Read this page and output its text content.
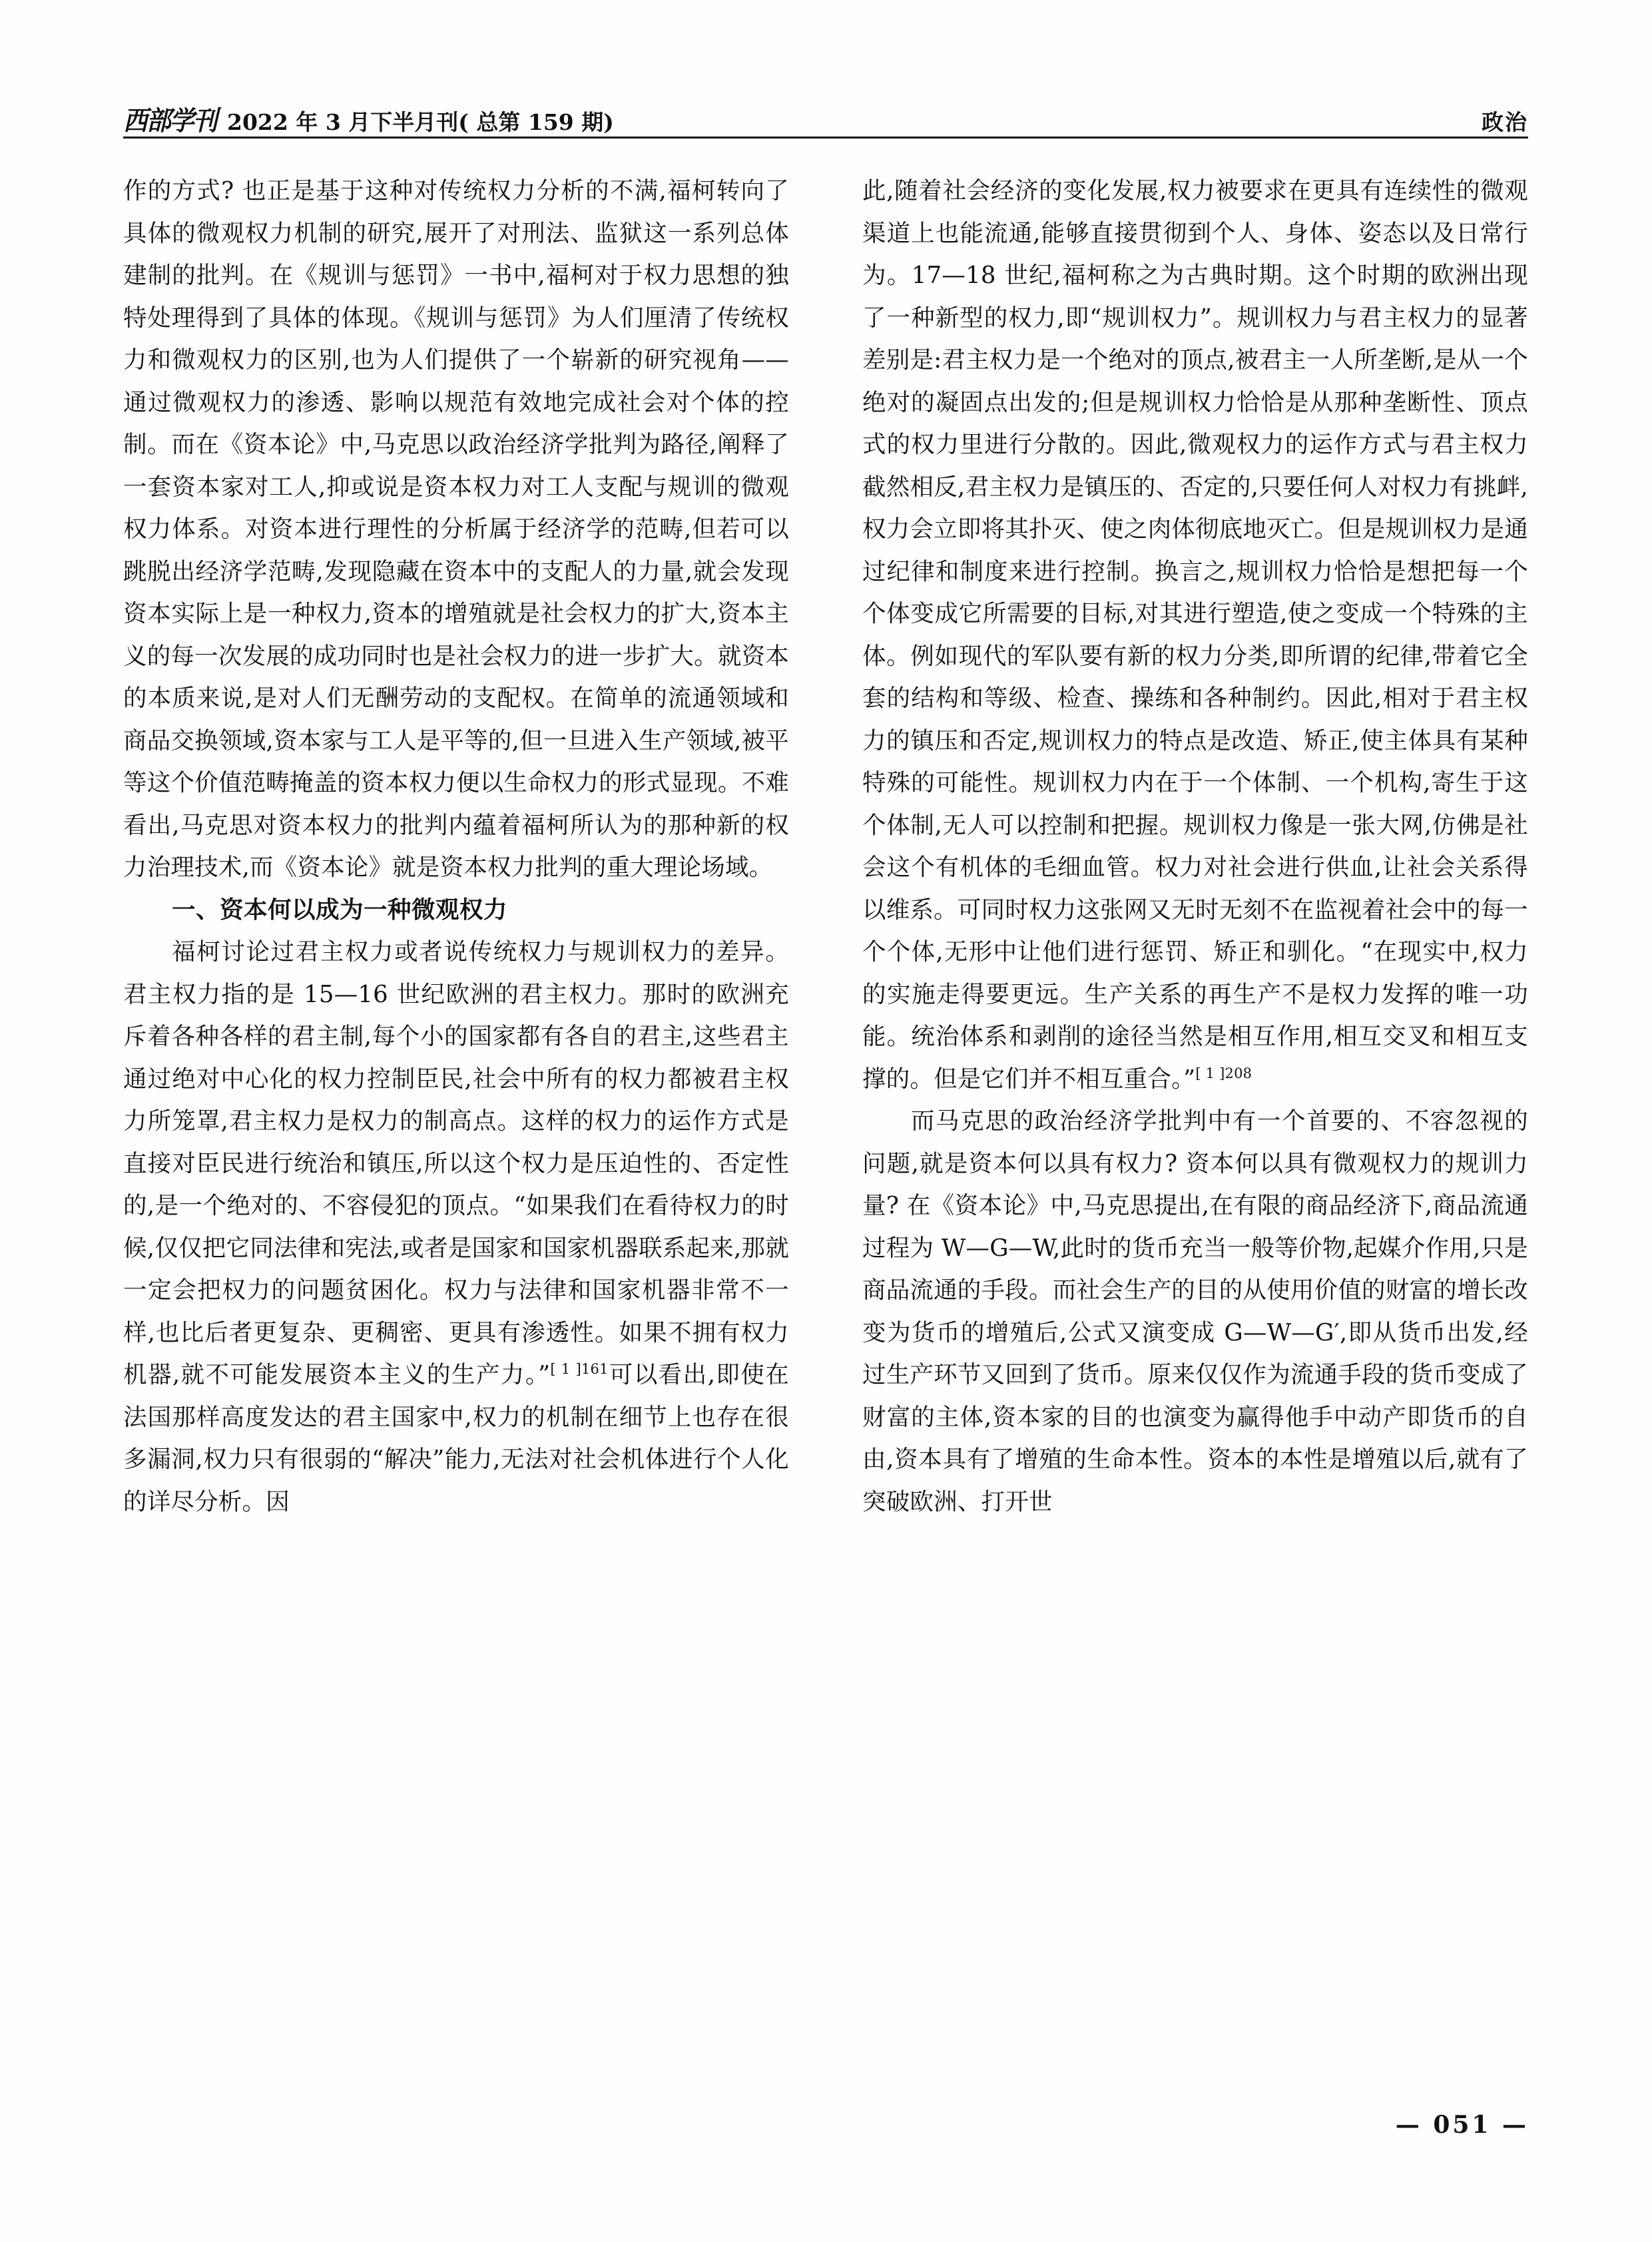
西部学刊 2022 年 3 月下半月刊( 总第 159 期)	政治

作的方式? 也正是基于这种对传统权力分析的不满,福柯转向了具体的微观权力机制的研究,展开了对刑法、监狱这一系列总体建制的批判。在《规训与惩罚》一书中,福柯对于权力思想的独特处理得到了具体的体现。《规训与惩罚》为人们厘清了传统权力和微观权力的区别,也为人们提供了一个崭新的研究视角——通过微观权力的渗透、影响以规范有效地完成社会对个体的控制。而在《资本论》中,马克思以政治经济学批判为路径,阐释了一套资本家对工人,抑或说是资本权力对工人支配与规训的微观权力体系。对资本进行理性的分析属于经济学的范畴,但若可以跳脱出经济学范畴,发现隐藏在资本中的支配人的力量,就会发现资本实际上是一种权力,资本的增殖就是社会权力的扩大,资本主义的每一次发展的成功同时也是社会权力的进一步扩大。就资本的本质来说,是对人们无酬劳动的支配权。在简单的流通领域和商品交换领域,资本家与工人是平等的,但一旦进入生产领域,被平等这个价值范畴掩盖的资本权力便以生命权力的形式显现。不难看出,马克思对资本权力的批判内蕴着福柯所认为的那种新的权力治理技术,而《资本论》就是资本权力批判的重大理论场域。

一、资本何以成为一种微观权力

福柯讨论过君主权力或者说传统权力与规训权力的差异。君主权力指的是 15—16 世纪欧洲的君主权力。那时的欧洲充斥着各种各样的君主制,每个小的国家都有各自的君主,这些君主通过绝对中心化的权力控制臣民,社会中所有的权力都被君主权力所笼罩,君主权力是权力的制高点。这样的权力的运作方式是直接对臣民进行统治和镇压,所以这个权力是压迫性的、否定性的,是一个绝对的、不容侵犯的顶点。“如果我们在看待权力的时候,仅仅把它同法律和宪法,或者是国家和国家机器联系起来,那就一定会把权力的问题贫困化。权力与法律和国家机器非常不一样,也比后者更复杂、更稠密、更具有渗透性。如果不拥有权力机器,就不可能发展资本主义的生产力。”$^{[ 1 ]161}$可以看出,即使在法国那样高度发达的君主国家中,权力的机制在细节上也存在很多漏洞,权力只有很弱的“解决”能力,无法对社会机体进行个人化的详尽分析。因

此,随着社会经济的变化发展,权力被要求在更具有连续性的微观渠道上也能流通,能够直接贯彻到个人、身体、姿态以及日常行为。17—18 世纪,福柯称之为古典时期。这个时期的欧洲出现了一种新型的权力,即“规训权力”。规训权力与君主权力的显著差别是:君主权力是一个绝对的顶点,被君主一人所垄断,是从一个绝对的凝固点出发的;但是规训权力恰恰是从那种垄断性、顶点式的权力里进行分散的。因此,微观权力的运作方式与君主权力截然相反,君主权力是镇压的、否定的,只要任何人对权力有挑衅,权力会立即将其扑灭、使之肉体彻底地灭亡。但是规训权力是通过纪律和制度来进行控制。换言之,规训权力恰恰是想把每一个个体变成它所需要的目标,对其进行塑造,使之变成一个特殊的主体。例如现代的军队要有新的权力分类,即所谓的纪律,带着它全套的结构和等级、检查、操练和各种制约。因此,相对于君主权力的镇压和否定,规训权力的特点是改造、矫正,使主体具有某种特殊的可能性。规训权力内在于一个体制、一个机构,寄生于这个体制,无人可以控制和把握。规训权力像是一张大网,仿佛是社会这个有机体的毛细血管。权力对社会进行供血,让社会关系得以维系。可同时权力这张网又无时无刻不在监视着社会中的每一个个体,无形中让他们进行惩罚、矫正和驯化。“在现实中,权力的实施走得要更远。生产关系的再生产不是权力发挥的唯一功能。统治体系和剥削的途径当然是相互作用,相互交叉和相互支撑的。但是它们并不相互重合。”$^{[ 1 ]208}$

而马克思的政治经济学批判中有一个首要的、不容忽视的问题,就是资本何以具有权力? 资本何以具有微观权力的规训力量? 在《资本论》中,马克思提出,在有限的商品经济下,商品流通过程为 W—G—W,此时的货币充当一般等价物,起媒介作用,只是商品流通的手段。而社会生产的目的从使用价值的财富的增长改变为货币的增殖后,公式又演变成 G—W—G′,即从货币出发,经过生产环节又回到了货币。原来仅仅作为流通手段的货币变成了财富的主体,资本家的目的也演变为赢得他手中动产即货币的自由,资本具有了增殖的生命本性。资本的本性是增殖以后,就有了突破欧洲、打开世

— 051 —
